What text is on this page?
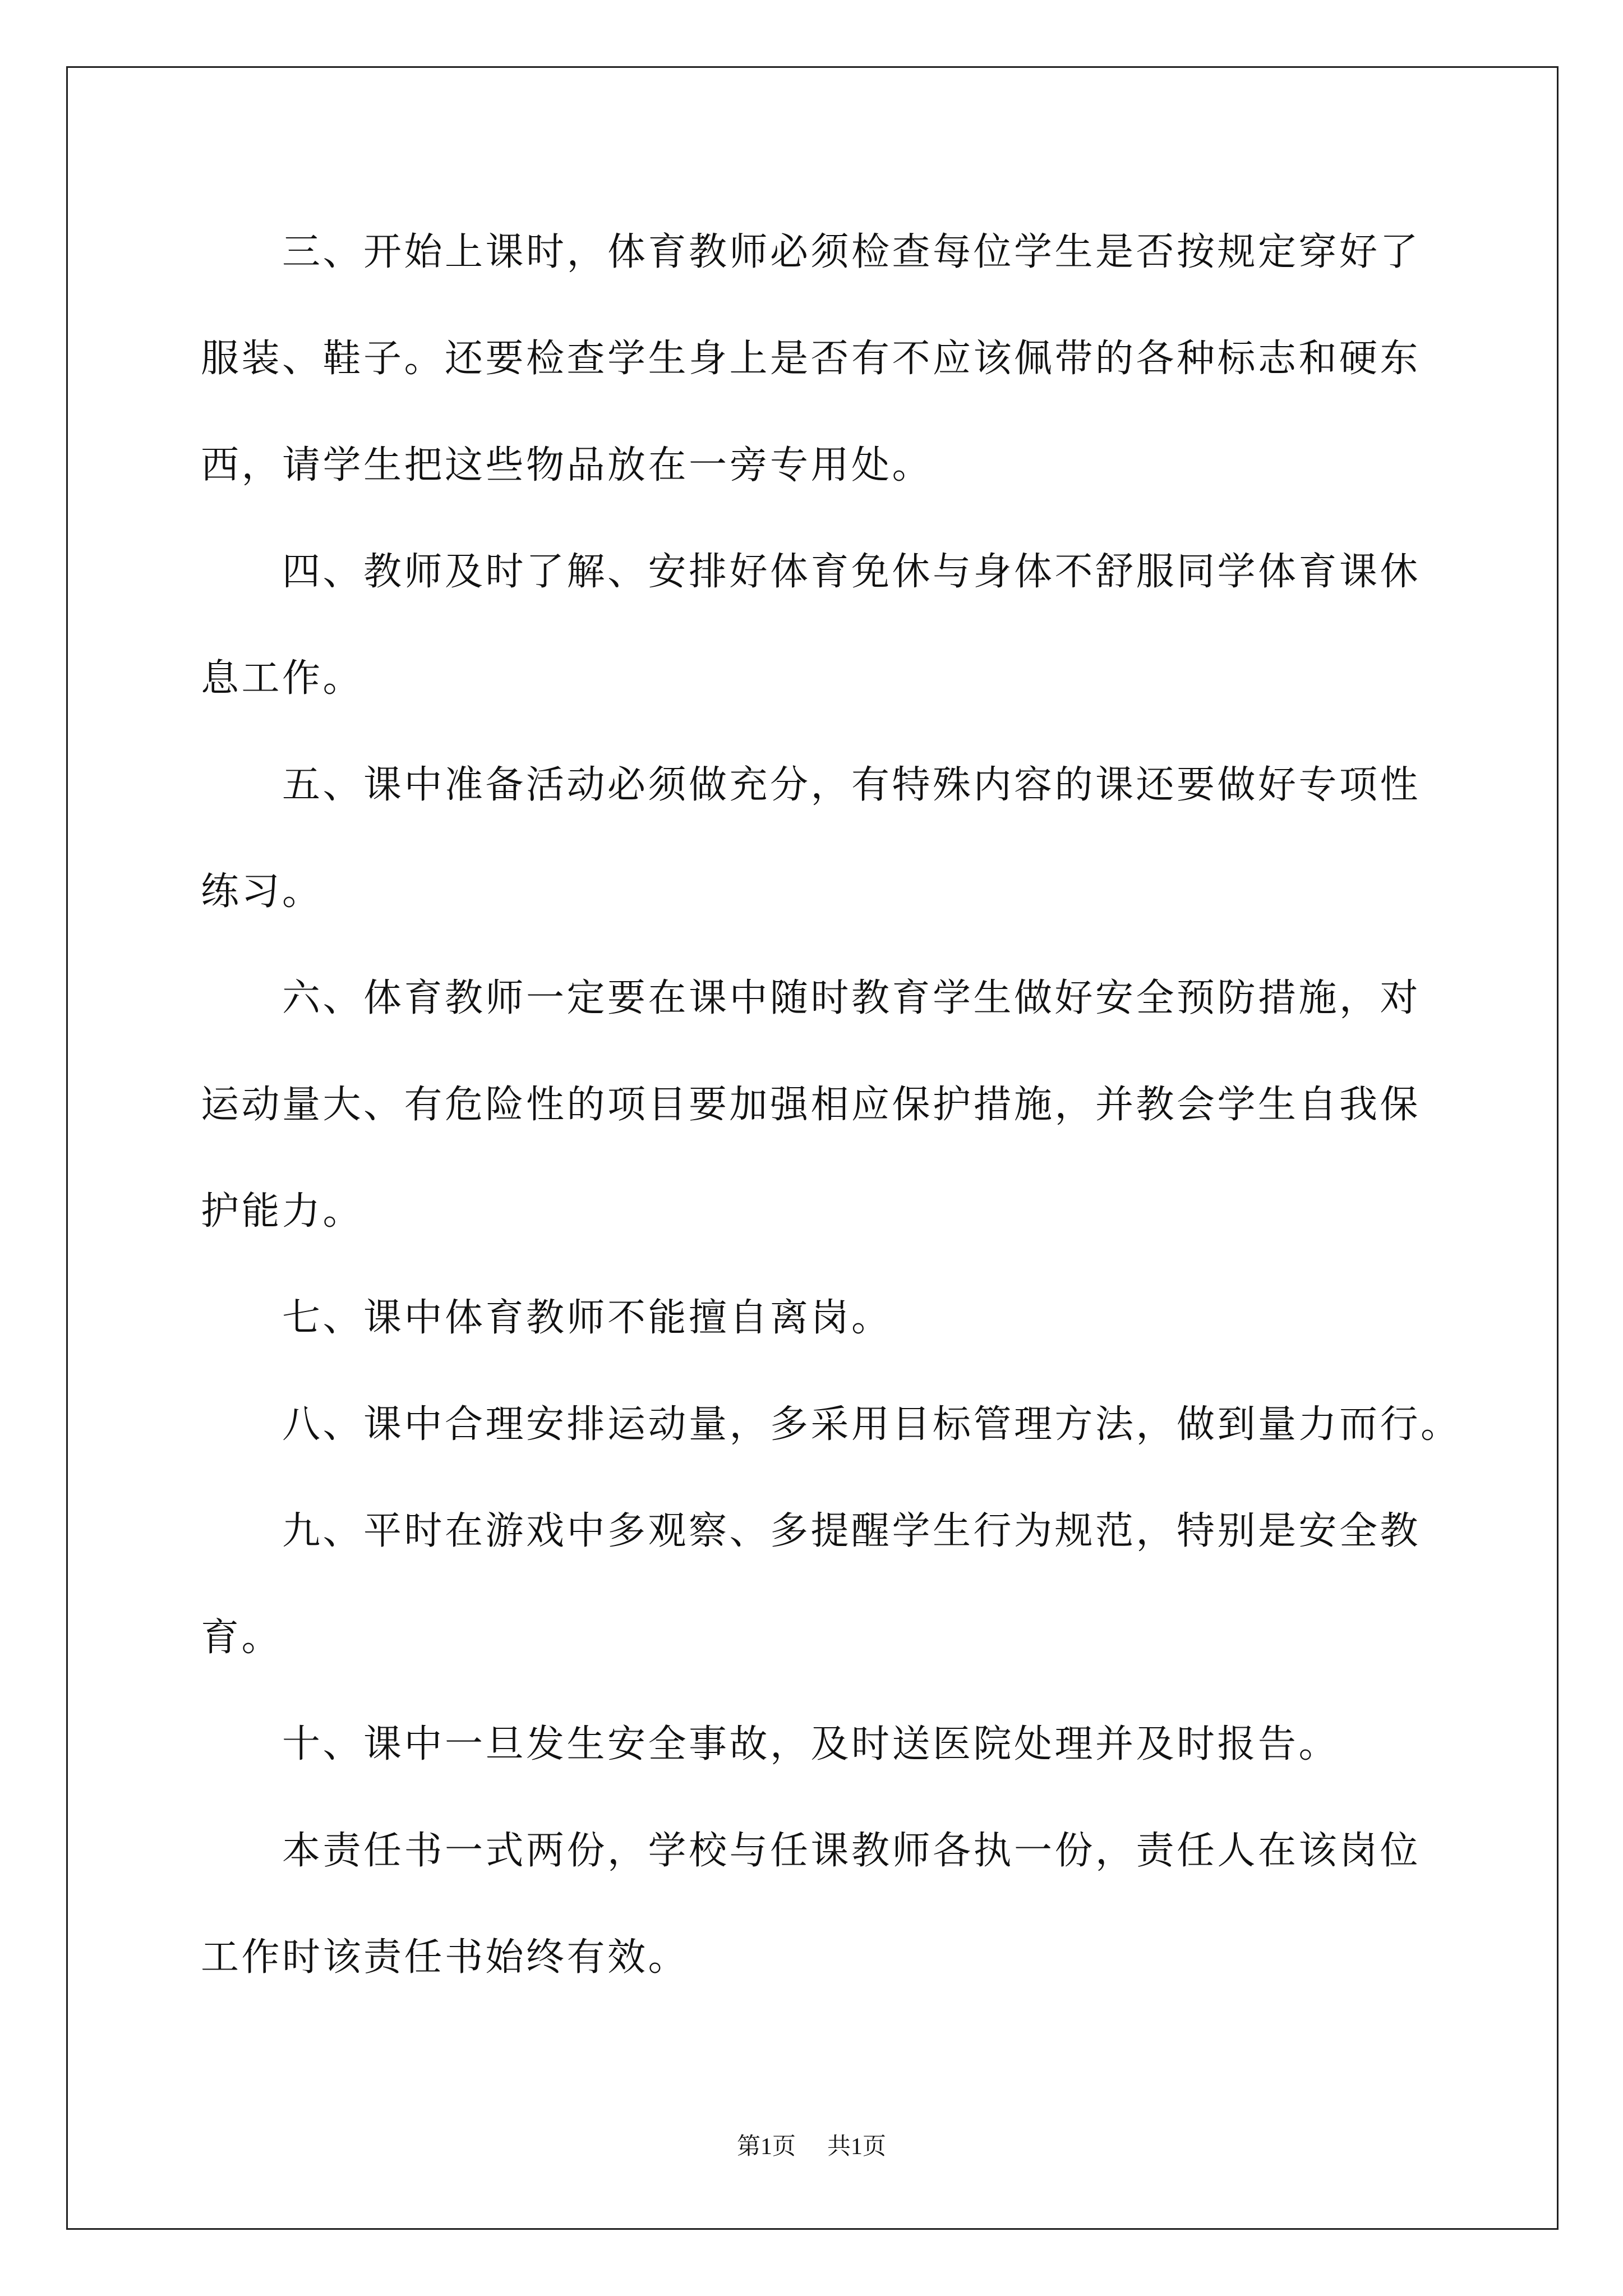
三、开始上课时，体育教师必须检查每位学生是否按规定穿好了
服装、鞋子。还要检查学生身上是否有不应该佩带的各种标志和硬东
西，请学生把这些物品放在一旁专用处。
四、教师及时了解、安排好体育免休与身体不舒服同学体育课休
息工作。
五、课中准备活动必须做充分，有特殊内容的课还要做好专项性
练习。
六、体育教师一定要在课中随时教育学生做好安全预防措施，对
运动量大、有危险性的项目要加强相应保护措施，并教会学生自我保
护能力。
七、课中体育教师不能擅自离岗。
八、课中合理安排运动量，多采用目标管理方法，做到量力而行。
九、平时在游戏中多观察、多提醒学生行为规范，特别是安全教
育。
十、课中一旦发生安全事故，及时送医院处理并及时报告。
本责任书一式两份，学校与任课教师各执一份，责任人在该岗位
工作时该责任书始终有效。
第1页 共1页
